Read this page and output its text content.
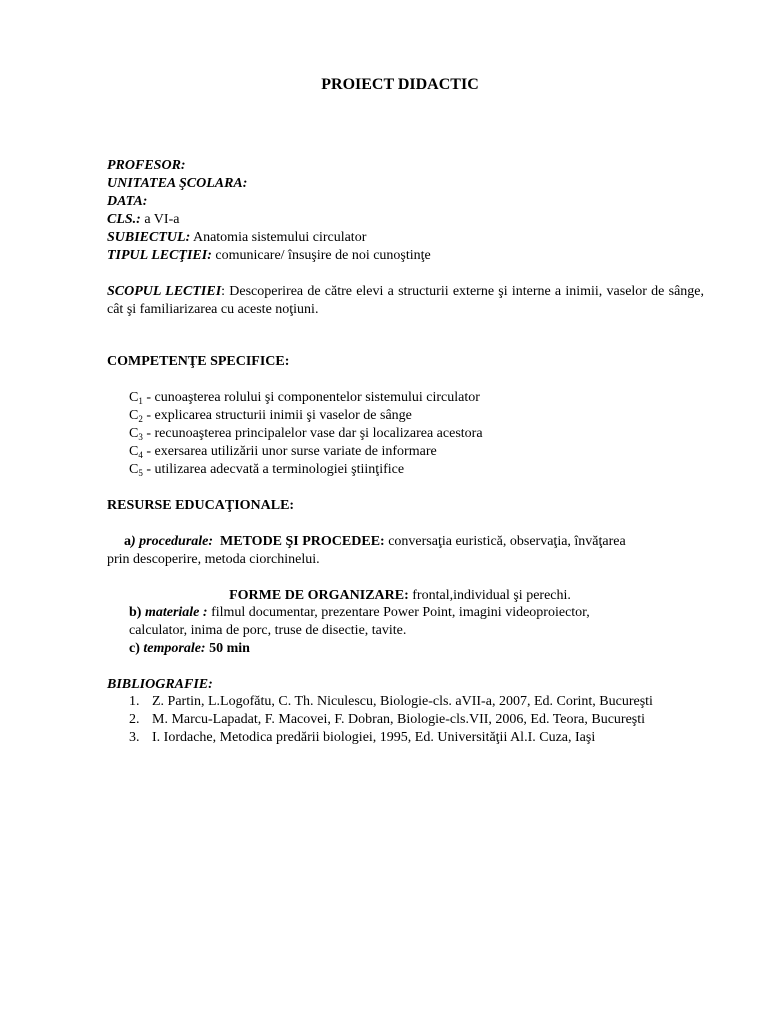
PROIECT DIDACTIC
PROFESOR:
UNITATEA ŞCOLARA:
DATA:
CLS.: a VI-a
SUBIECTUL: Anatomia sistemului circulator
TIPUL LECŢIEI: comunicare/ însuşire de noi cunoştinţe
SCOPUL LECTIEI: Descoperirea de către elevi a structurii externe şi interne a inimii, vaselor de sânge, cât şi familiarizarea cu aceste noţiuni.
COMPETENŢE SPECIFICE:
$C_1$ - cunoaşterea rolului şi componentelor sistemului circulator
$C_2$ - explicarea structurii inimii şi vaselor de sânge
$C_3$ - recunoaşterea principalelor vase dar şi localizarea acestora
$C_4$ - exersarea utilizării unor surse variate de informare
$C_5$ - utilizarea adecvată a terminologiei ştiinţifice
RESURSE EDUCAŢIONALE:
a) procedurale: METODE ŞI PROCEDEE: conversaţia euristică, observaţia, învăţarea
prin descoperire, metoda ciorchinelui.
FORME DE ORGANIZARE: frontal,individual şi perechi.
b) materiale : filmul documentar, prezentare Power Point, imagini videoproiector,
calculator, inima de porc, truse de disectie, tavite.
c) temporale: 50 min
BIBLIOGRAFIE:
1. Z. Partin, L.Logofătu, C. Th. Niculescu, Biologie-cls. aVII-a, 2007, Ed. Corint, Bucureşti
2. M. Marcu-Lapadat, F. Macovei, F. Dobran, Biologie-cls.VII, 2006, Ed. Teora, Bucureşti
3. I. Iordache, Metodica predării biologiei, 1995, Ed. Universităţii Al.I. Cuza, Iaşi
